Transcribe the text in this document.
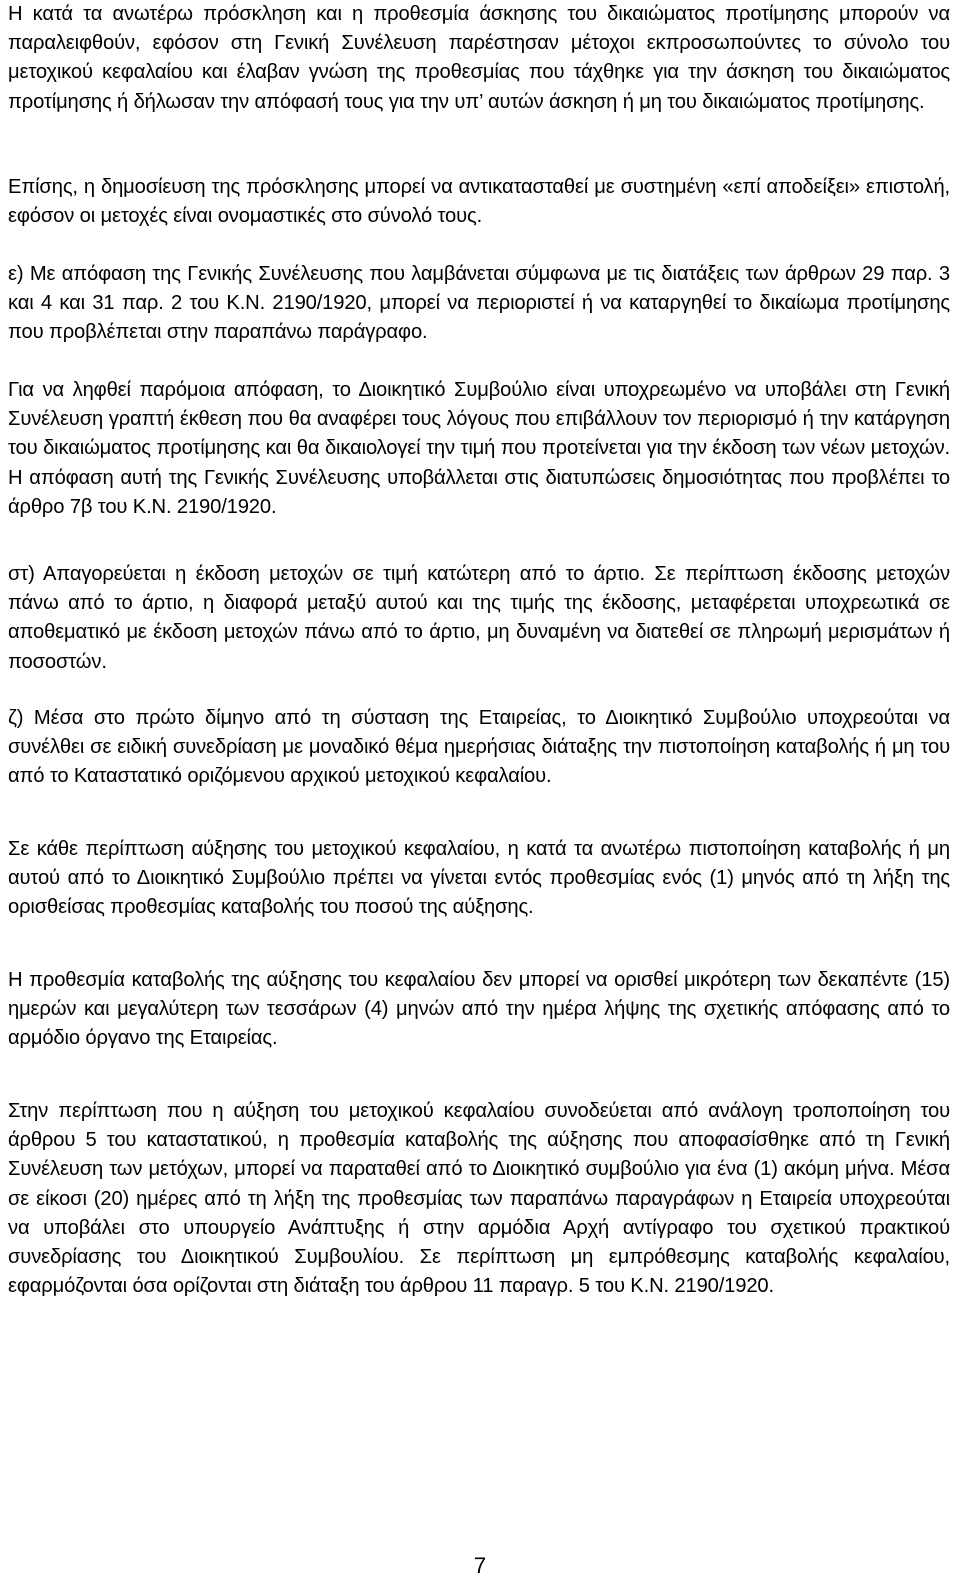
Η κατά τα ανωτέρω πρόσκληση και η προθεσμία άσκησης του δικαιώματος προτίμησης μπορούν να παραλειφθούν, εφόσον στη Γενική Συνέλευση παρέστησαν μέτοχοι εκπροσωπούντες το σύνολο του μετοχικού κεφαλαίου και έλαβαν γνώση της προθεσμίας που τάχθηκε για την άσκηση του δικαιώματος προτίμησης ή δήλωσαν την απόφασή τους για την υπ’ αυτών άσκηση ή μη του δικαιώματος προτίμησης.

Επίσης, η δημοσίευση της πρόσκλησης μπορεί να αντικατασταθεί με συστημένη «επί αποδείξει» επιστολή, εφόσον οι μετοχές είναι ονομαστικές στο σύνολό τους.

ε) Με απόφαση της Γενικής Συνέλευσης που λαμβάνεται σύμφωνα με τις διατάξεις των άρθρων 29 παρ. 3 και 4 και 31 παρ. 2 του Κ.Ν. 2190/1920, μπορεί να περιοριστεί ή να καταργηθεί το δικαίωμα προτίμησης που προβλέπεται στην παραπάνω παράγραφο.

Για να ληφθεί παρόμοια απόφαση, το Διοικητικό Συμβούλιο είναι υποχρεωμένο να υποβάλει στη Γενική Συνέλευση γραπτή έκθεση που θα αναφέρει τους λόγους που επιβάλλουν τον περιορισμό ή την κατάργηση του δικαιώματος προτίμησης και θα δικαιολογεί την τιμή που προτείνεται για την έκδοση των νέων μετοχών. Η απόφαση αυτή της Γενικής Συνέλευσης υποβάλλεται στις διατυπώσεις δημοσιότητας που προβλέπει το άρθρο 7β του Κ.Ν. 2190/1920.

στ) Απαγορεύεται η έκδοση μετοχών σε τιμή κατώτερη από το άρτιο. Σε περίπτωση έκδοσης μετοχών πάνω από το άρτιο, η διαφορά μεταξύ αυτού και της τιμής της έκδοσης, μεταφέρεται υποχρεωτικά σε αποθεματικό με έκδοση μετοχών πάνω από το άρτιο, μη δυναμένη να διατεθεί σε πληρωμή μερισμάτων ή ποσοστών.

ζ) Μέσα στο πρώτο δίμηνο από τη σύσταση της Εταιρείας, το Διοικητικό Συμβούλιο υποχρεούται να συνέλθει σε ειδική συνεδρίαση με μοναδικό θέμα ημερήσιας διάταξης την πιστοποίηση καταβολής ή μη του από το Καταστατικό οριζόμενου αρχικού μετοχικού κεφαλαίου.

Σε κάθε περίπτωση αύξησης του μετοχικού κεφαλαίου, η κατά τα ανωτέρω πιστοποίηση καταβολής ή μη αυτού από το Διοικητικό Συμβούλιο πρέπει να γίνεται εντός προθεσμίας ενός (1) μηνός από τη λήξη της ορισθείσας προθεσμίας καταβολής του ποσού της αύξησης.

Η προθεσμία καταβολής της αύξησης του κεφαλαίου δεν μπορεί να ορισθεί μικρότερη των δεκαπέντε (15) ημερών και μεγαλύτερη των τεσσάρων (4) μηνών από την ημέρα λήψης της σχετικής απόφασης από το αρμόδιο όργανο της Εταιρείας.

Στην περίπτωση που η αύξηση του μετοχικού κεφαλαίου συνοδεύεται από ανάλογη τροποποίηση του άρθρου 5 του καταστατικού, η προθεσμία καταβολής της αύξησης που αποφασίσθηκε από τη Γενική Συνέλευση των μετόχων, μπορεί να παραταθεί από το Διοικητικό συμβούλιο για ένα (1) ακόμη μήνα. Μέσα σε είκοσι (20) ημέρες από τη λήξη της προθεσμίας των παραπάνω παραγράφων η Εταιρεία υποχρεούται να υποβάλει στο υπουργείο Ανάπτυξης ή στην αρμόδια Αρχή αντίγραφο του σχετικού πρακτικού συνεδρίασης του Διοικητικού Συμβουλίου. Σε περίπτωση μη εμπρόθεσμης καταβολής κεφαλαίου, εφαρμόζονται όσα ορίζονται στη διάταξη του άρθρου 11 παραγρ. 5 του Κ.Ν. 2190/1920.

7
